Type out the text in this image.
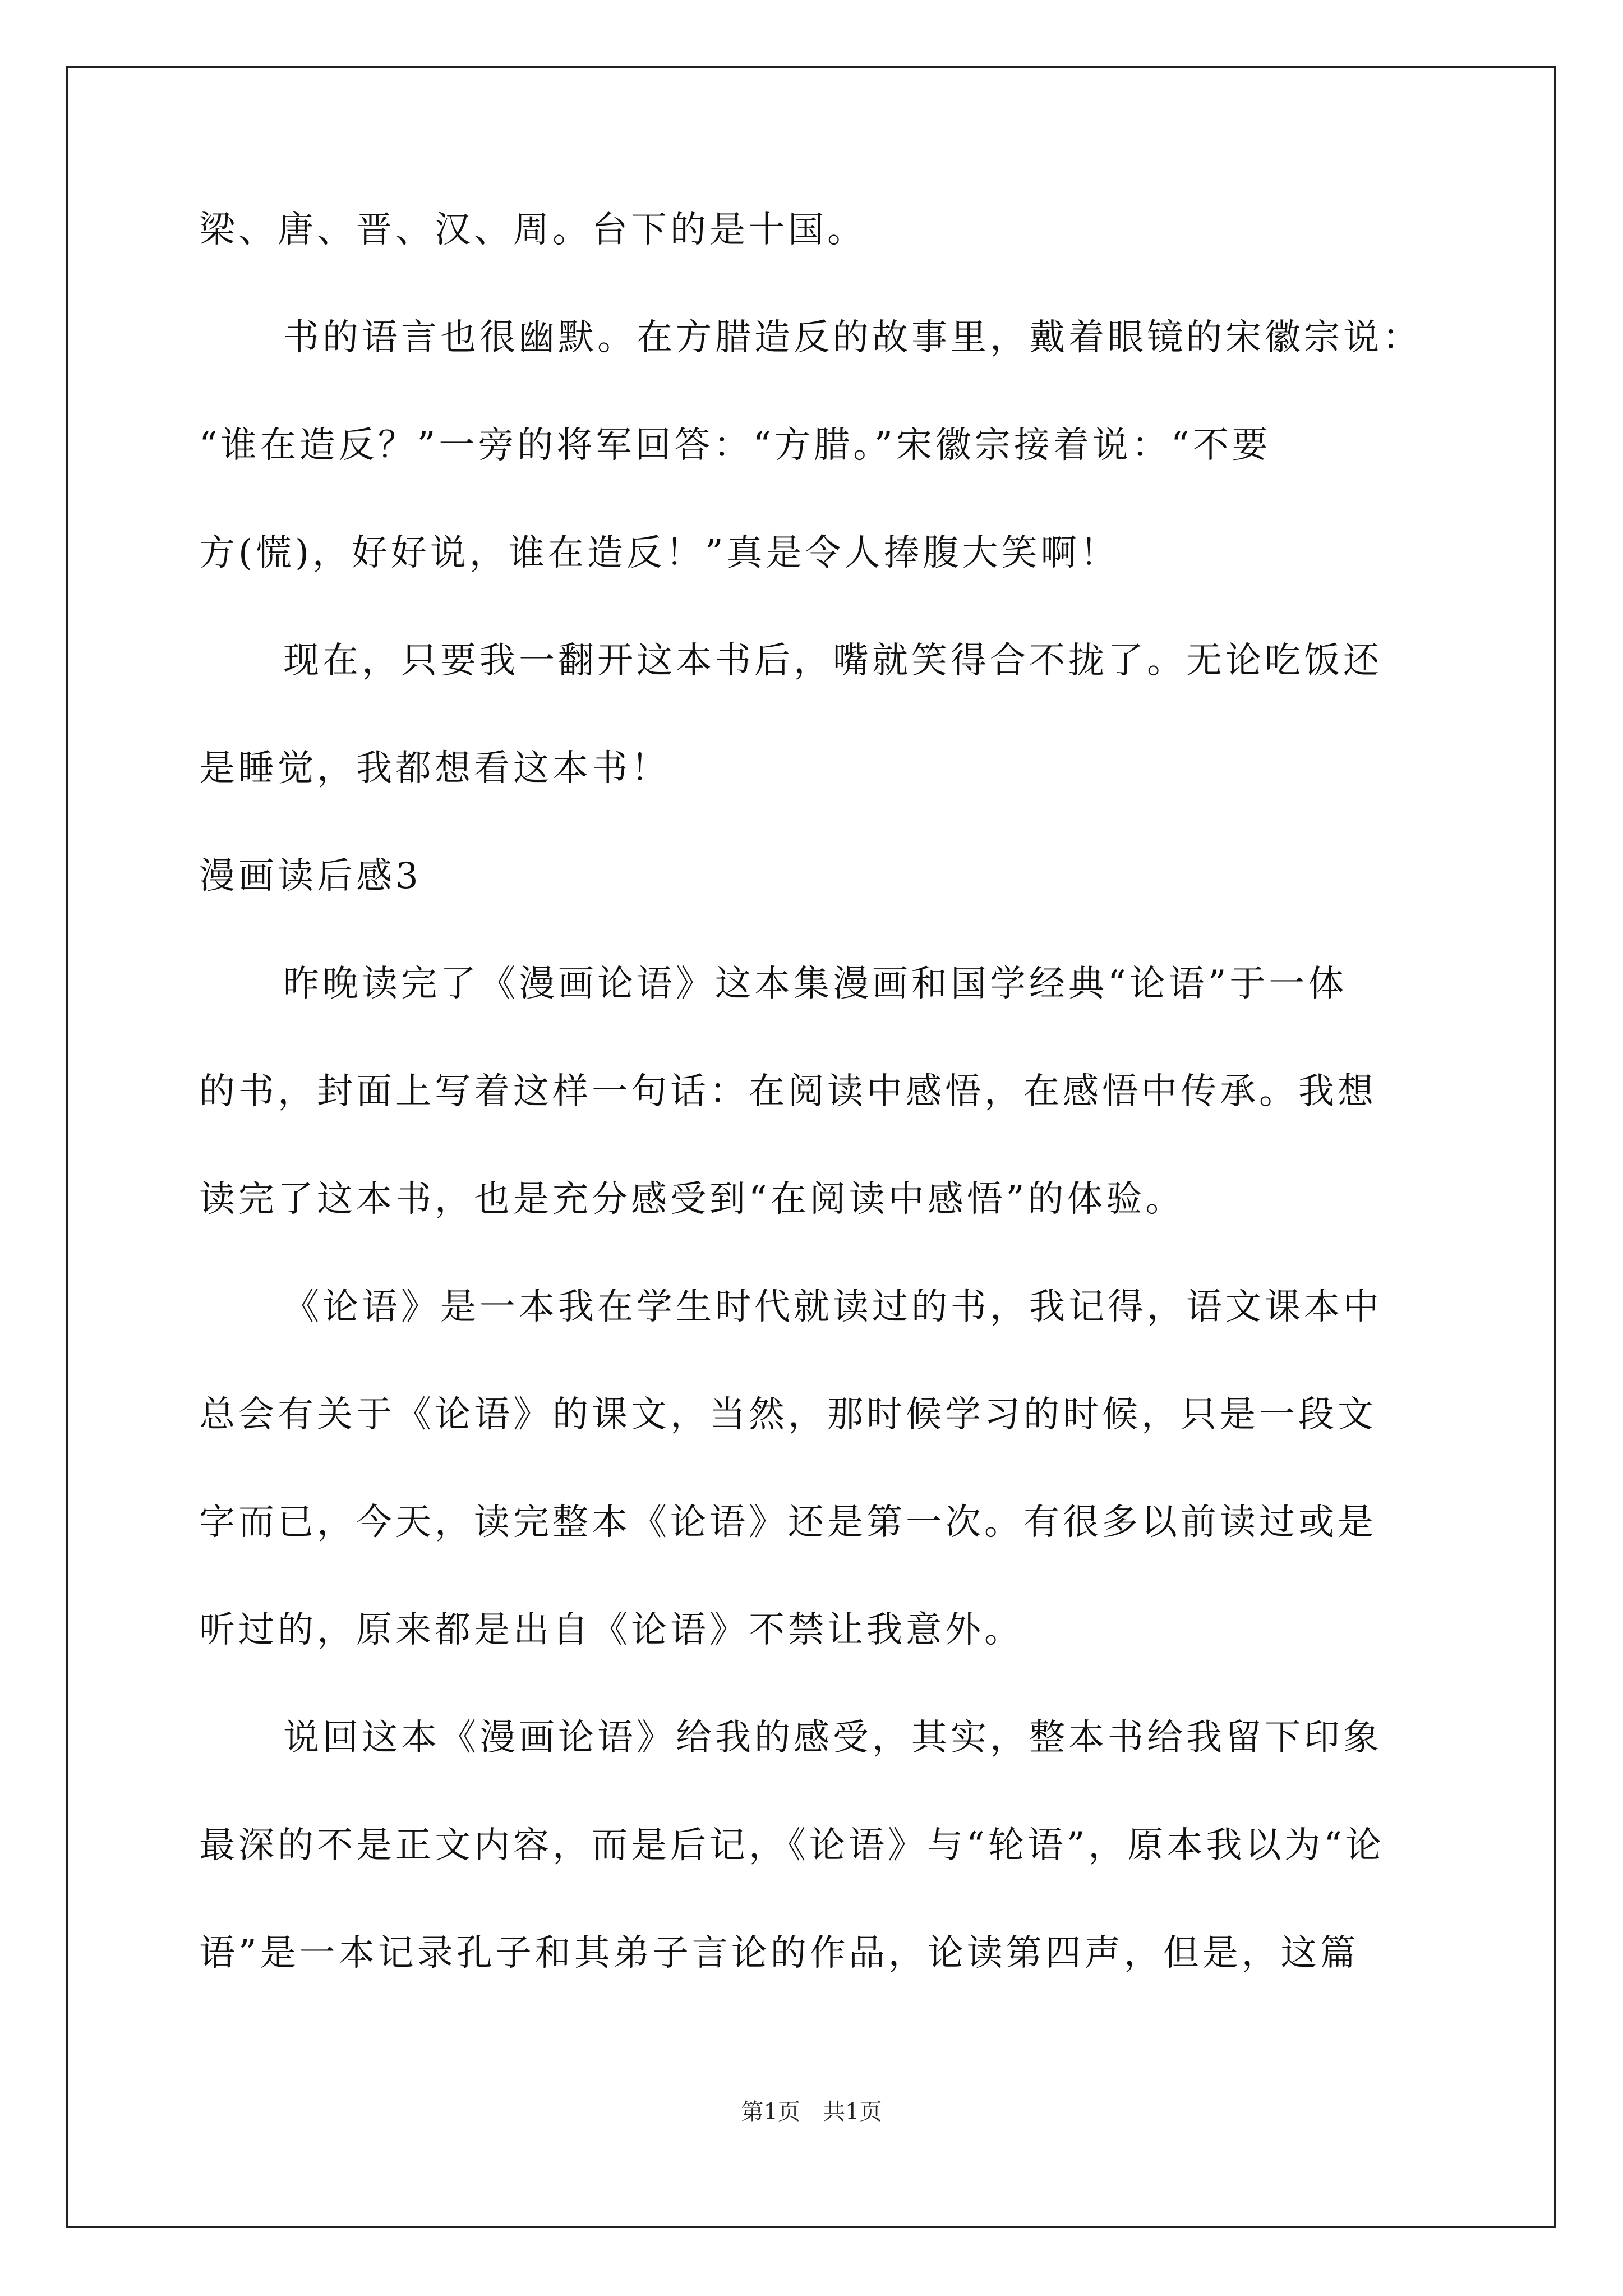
梁、唐、晋、汉、周。台下的是十国。
书的语言也很幽默。在方腊造反的故事里，戴着眼镜的宋徽宗说：
“谁在造反？”一旁的将军回答：“方腊。”宋徽宗接着说：“不要
方(慌)，好好说，谁在造反！”真是令人捧腹大笑啊！
现在，只要我一翻开这本书后，嘴就笑得合不拢了。无论吃饭还
是睡觉，我都想看这本书！
漫画读后感3
昨晚读完了《漫画论语》这本集漫画和国学经典“论语”于一体
的书，封面上写着这样一句话：在阅读中感悟，在感悟中传承。我想
读完了这本书，也是充分感受到“在阅读中感悟”的体验。
《论语》是一本我在学生时代就读过的书，我记得，语文课本中
总会有关于《论语》的课文，当然，那时候学习的时候，只是一段文
字而已，今天，读完整本《论语》还是第一次。有很多以前读过或是
听过的，原来都是出自《论语》不禁让我意外。
说回这本《漫画论语》给我的感受，其实，整本书给我留下印象
最深的不是正文内容，而是后记，《论语》与“轮语”，原本我以为“论
语”是一本记录孔子和其弟子言论的作品，论读第四声，但是，这篇
第1页　共1页
